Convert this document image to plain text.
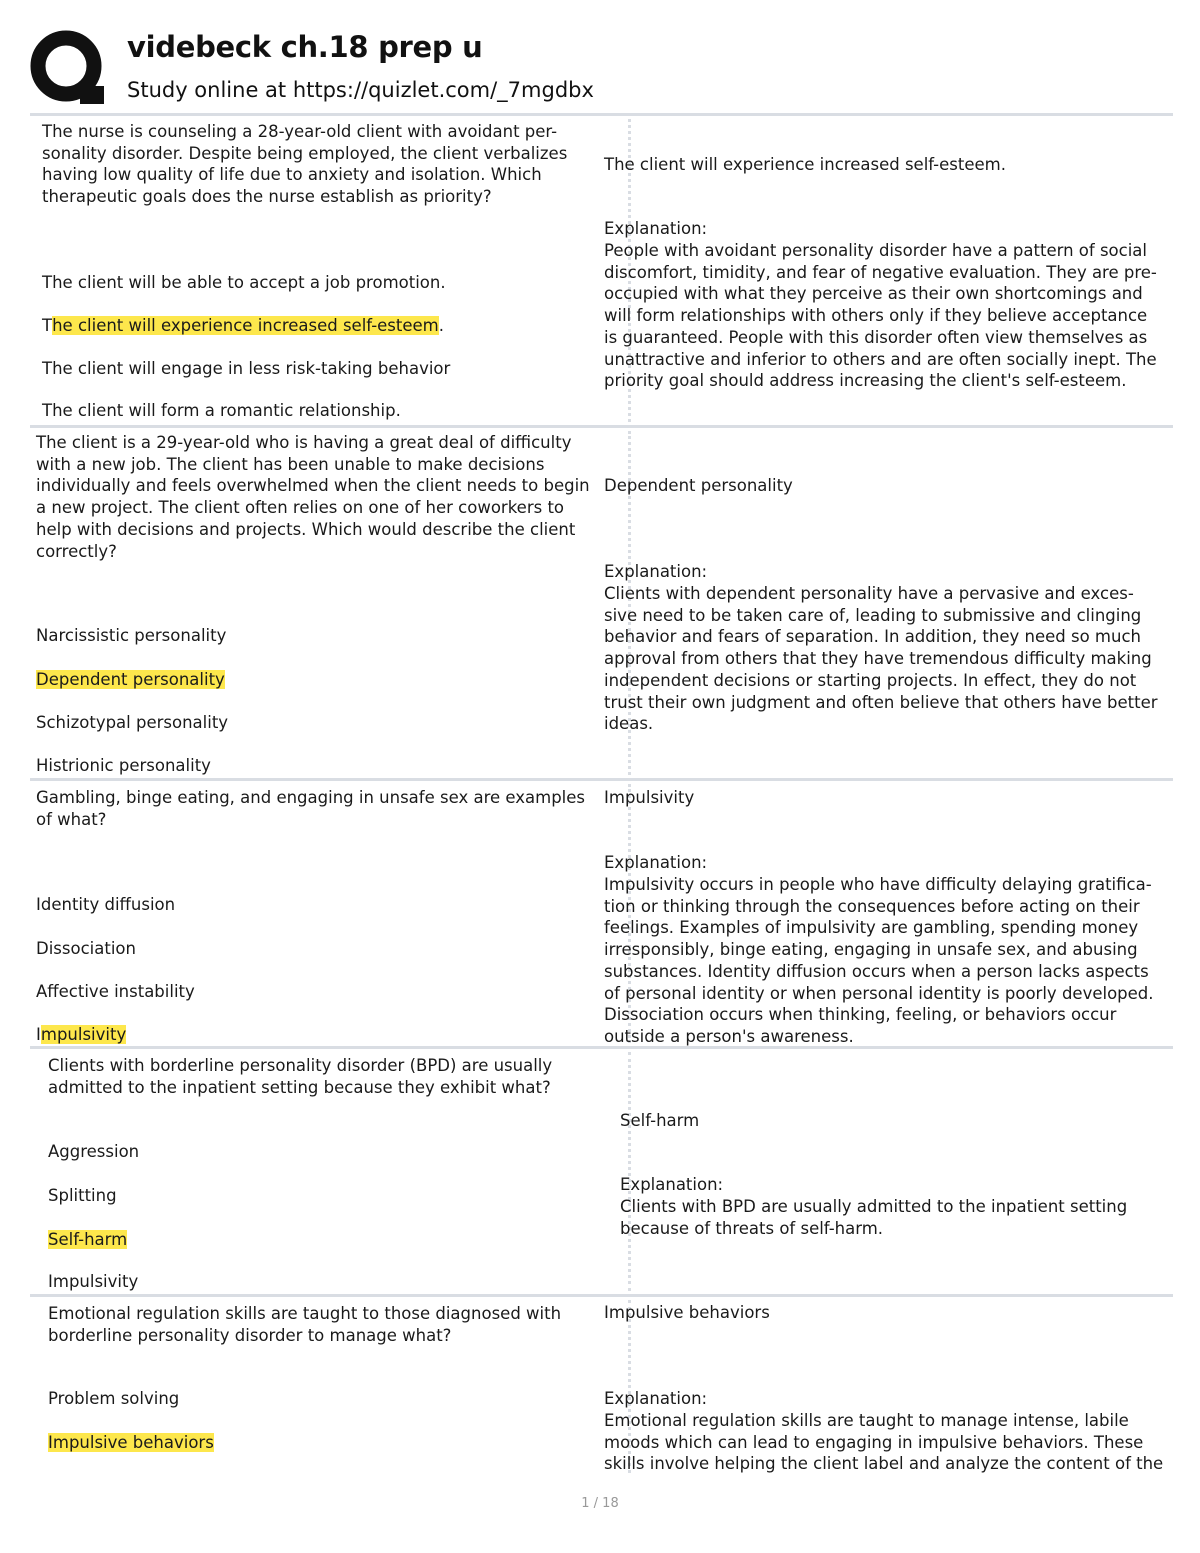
videbeck ch.18 prep u
Study online at https://quizlet.com/_7mgdbx
The nurse is counseling a 28-year-old client with avoidant per-sonality disorder. Despite being employed, the client verbalizes having low quality of life due to anxiety and isolation. Which therapeutic goals does the nurse establish as priority?
The client will be able to accept a job promotion.
The client will experience increased self-esteem.
The client will engage in less risk-taking behavior
The client will form a romantic relationship.
The client will experience increased self-esteem.
Explanation:
People with avoidant personality disorder have a pattern of social discomfort, timidity, and fear of negative evaluation. They are pre-occupied with what they perceive as their own shortcomings and will form relationships with others only if they believe acceptance is guaranteed. People with this disorder often view themselves as unattractive and inferior to others and are often socially inept. The priority goal should address increasing the client's self-esteem.
The client is a 29-year-old who is having a great deal of difficulty with a new job. The client has been unable to make decisions individually and feels overwhelmed when the client needs to begin a new project. The client often relies on one of her coworkers to help with decisions and projects. Which would describe the client correctly?
Narcissistic personality
Dependent personality
Schizotypal personality
Histrionic personality
Dependent personality
Explanation:
Clients with dependent personality have a pervasive and exces-sive need to be taken care of, leading to submissive and clinging behavior and fears of separation. In addition, they need so much approval from others that they have tremendous difficulty making independent decisions or starting projects. In effect, they do not trust their own judgment and often believe that others have better ideas.
Gambling, binge eating, and engaging in unsafe sex are examples of what?
Identity diffusion
Dissociation
Affective instability
Impulsivity
Impulsivity
Explanation:
Impulsivity occurs in people who have difficulty delaying gratifica-tion or thinking through the consequences before acting on their feelings. Examples of impulsivity are gambling, spending money irresponsibly, binge eating, engaging in unsafe sex, and abusing substances. Identity diffusion occurs when a person lacks aspects of personal identity or when personal identity is poorly developed. Dissociation occurs when thinking, feeling, or behaviors occur outside a person's awareness.
Clients with borderline personality disorder (BPD) are usually admitted to the inpatient setting because they exhibit what?
Aggression
Splitting
Self-harm
Impulsivity
Self-harm
Explanation:
Clients with BPD are usually admitted to the inpatient setting because of threats of self-harm.
Emotional regulation skills are taught to those diagnosed with borderline personality disorder to manage what?
Problem solving
Impulsive behaviors
Impulsive behaviors
Explanation:
Emotional regulation skills are taught to manage intense, labile moods which can lead to engaging in impulsive behaviors. These skills involve helping the client label and analyze the content of the
1 / 18
